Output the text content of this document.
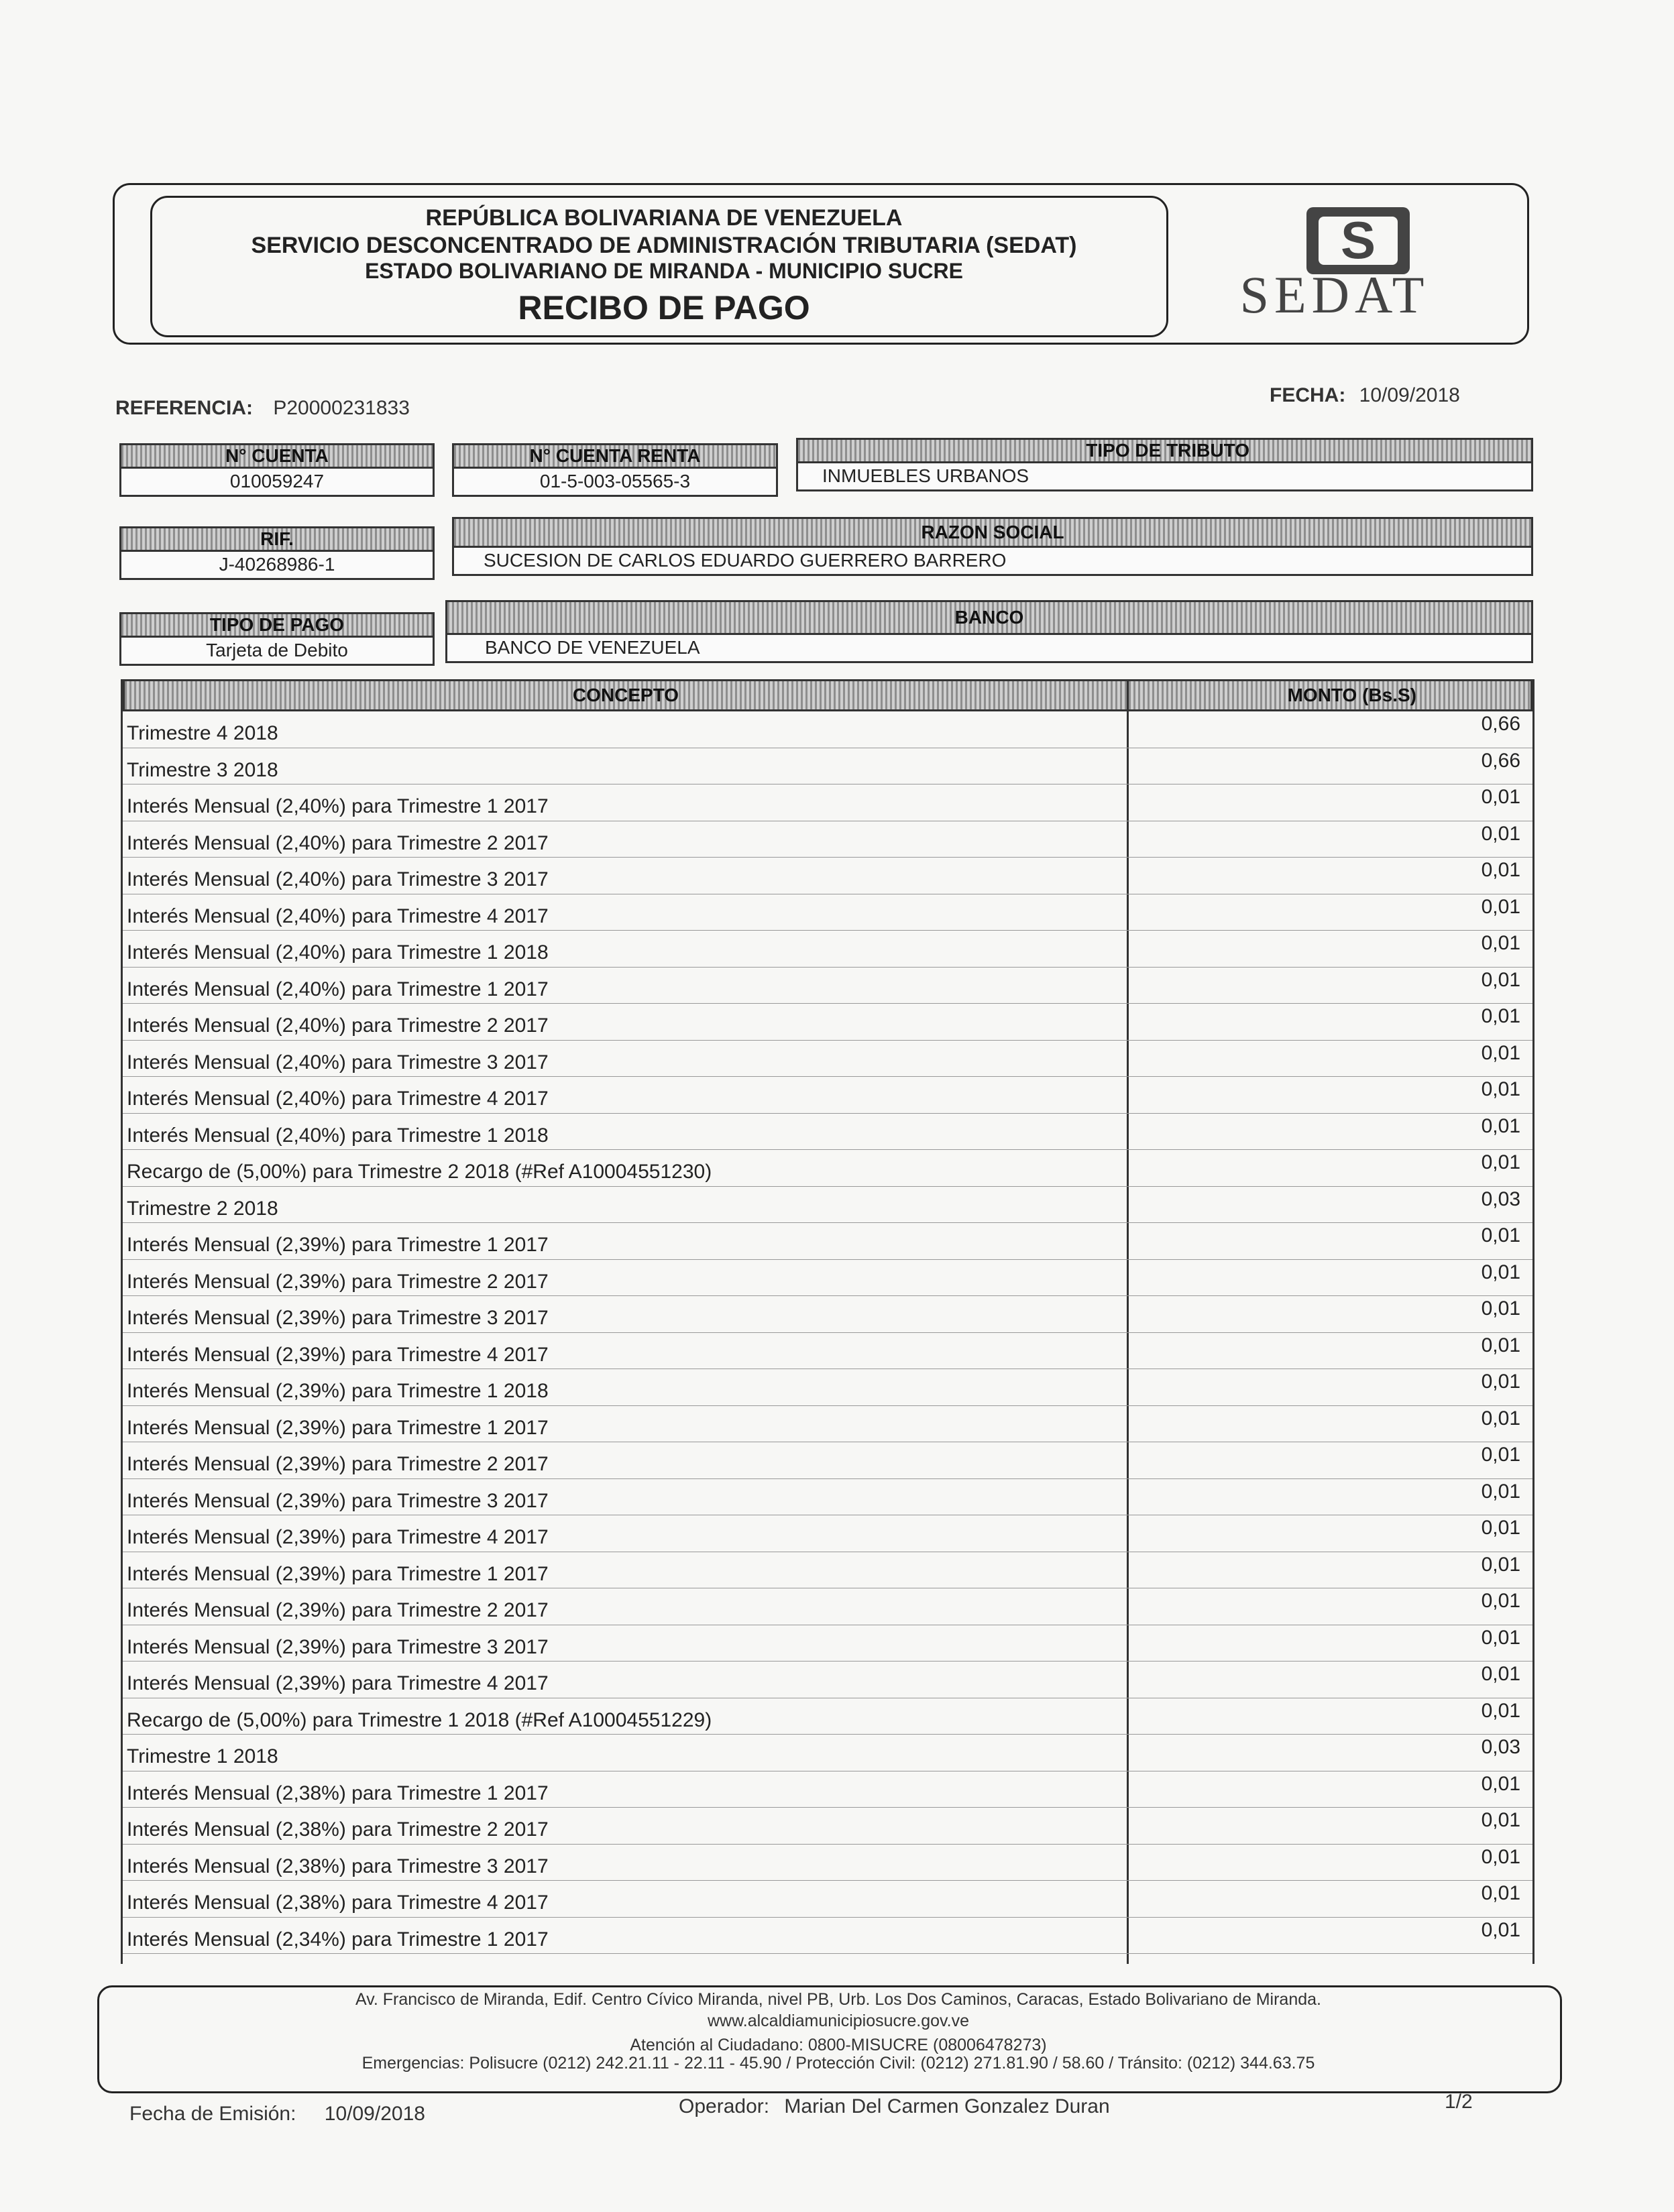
REPÚBLICA BOLIVARIANA DE VENEZUELA
SERVICIO DESCONCENTRADO DE ADMINISTRACIÓN TRIBUTARIA (SEDAT)
ESTADO BOLIVARIANO DE MIRANDA - MUNICIPIO SUCRE
RECIBO DE PAGO
S
SEDAT
REFERENCIA: P20000231833
FECHA: 10/09/2018
N° CUENTA
010059247
N° CUENTA RENTA
01-5-003-05565-3
TIPO DE TRIBUTO
INMUEBLES URBANOS
RIF.
J-40268986-1
RAZON SOCIAL
SUCESION DE CARLOS EDUARDO GUERRERO BARRERO
TIPO DE PAGO
Tarjeta de Debito
BANCO
BANCO DE VENEZUELA
CONCEPTO	MONTO (Bs.S)
Trimestre 4 2018	0,66
Trimestre 3 2018	0,66
Interés Mensual (2,40%) para Trimestre 1 2017	0,01
Interés Mensual (2,40%) para Trimestre 2 2017	0,01
Interés Mensual (2,40%) para Trimestre 3 2017	0,01
Interés Mensual (2,40%) para Trimestre 4 2017	0,01
Interés Mensual (2,40%) para Trimestre 1 2018	0,01
Interés Mensual (2,40%) para Trimestre 1 2017	0,01
Interés Mensual (2,40%) para Trimestre 2 2017	0,01
Interés Mensual (2,40%) para Trimestre 3 2017	0,01
Interés Mensual (2,40%) para Trimestre 4 2017	0,01
Interés Mensual (2,40%) para Trimestre 1 2018	0,01
Recargo de (5,00%) para Trimestre 2 2018 (#Ref A10004551230)	0,01
Trimestre 2 2018	0,03
Interés Mensual (2,39%) para Trimestre 1 2017	0,01
Interés Mensual (2,39%) para Trimestre 2 2017	0,01
Interés Mensual (2,39%) para Trimestre 3 2017	0,01
Interés Mensual (2,39%) para Trimestre 4 2017	0,01
Interés Mensual (2,39%) para Trimestre 1 2018	0,01
Interés Mensual (2,39%) para Trimestre 1 2017	0,01
Interés Mensual (2,39%) para Trimestre 2 2017	0,01
Interés Mensual (2,39%) para Trimestre 3 2017	0,01
Interés Mensual (2,39%) para Trimestre 4 2017	0,01
Interés Mensual (2,39%) para Trimestre 1 2017	0,01
Interés Mensual (2,39%) para Trimestre 2 2017	0,01
Interés Mensual (2,39%) para Trimestre 3 2017	0,01
Interés Mensual (2,39%) para Trimestre 4 2017	0,01
Recargo de (5,00%) para Trimestre 1 2018 (#Ref A10004551229)	0,01
Trimestre 1 2018	0,03
Interés Mensual (2,38%) para Trimestre 1 2017	0,01
Interés Mensual (2,38%) para Trimestre 2 2017	0,01
Interés Mensual (2,38%) para Trimestre 3 2017	0,01
Interés Mensual (2,38%) para Trimestre 4 2017	0,01
Interés Mensual (2,34%) para Trimestre 1 2017	0,01
Av. Francisco de Miranda, Edif. Centro Cívico Miranda, nivel PB, Urb. Los Dos Caminos, Caracas, Estado Bolivariano de Miranda.
www.alcaldiamunicipiosucre.gov.ve
Atención al Ciudadano: 0800-MISUCRE (08006478273)
Emergencias: Polisucre (0212) 242.21.11 - 22.11 - 45.90 / Protección Civil: (0212) 271.81.90 / 58.60 / Tránsito: (0212) 344.63.75
Fecha de Emisión: 10/09/2018	Operador: Marian Del Carmen Gonzalez Duran	1/2
